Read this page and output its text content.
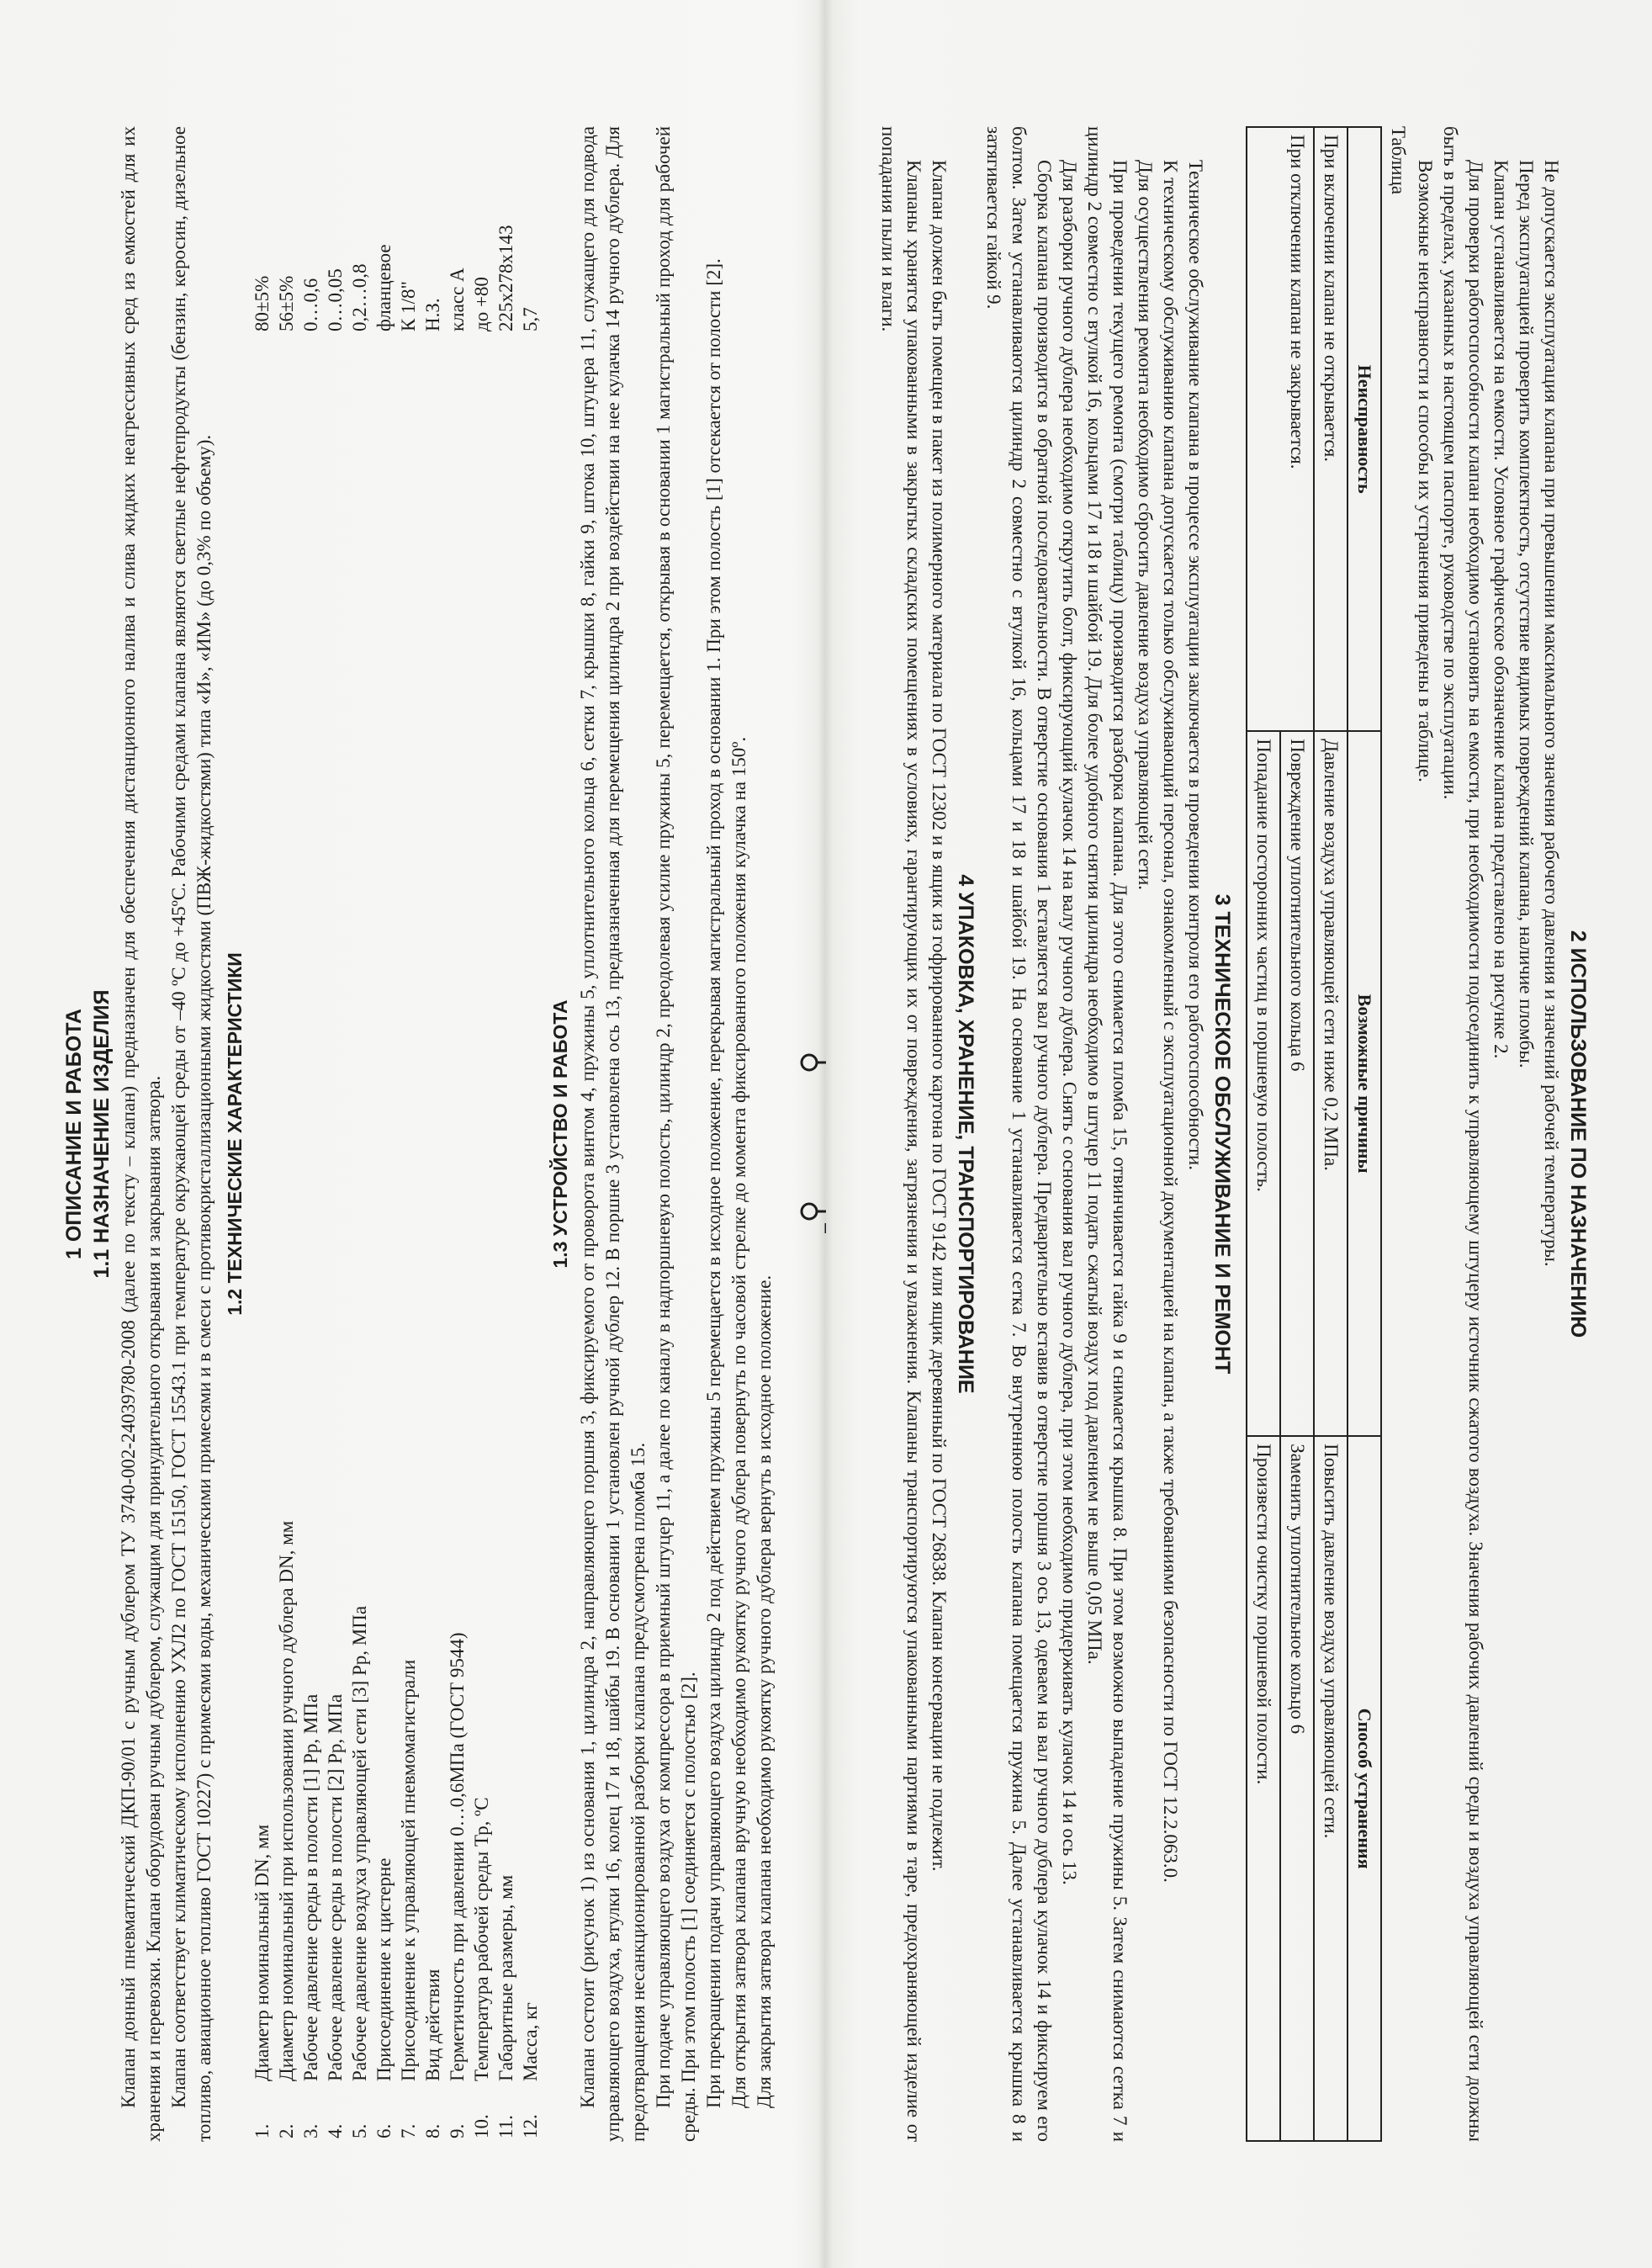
1 ОПИСАНИЕ И РАБОТА 1.1 НАЗНАЧЕНИЕ ИЗДЕЛИЯ Клапан донный пневматический ДКП-90/01 с ручным дублером ТУ 3740-002-24039780-2008 (далее по тексту – клапан) предназначен для обеспечения дистанционного налива и слива жидких неагрессивных сред из емкостей для их хранения и перевозки. Клапан оборудован ручным дублером, служащим для принудительного открывания и закрывания затвора. Клапан соответствует климатическому исполнению УХЛ2 по ГОСТ 15150, ГОСТ 15543.1 при температуре окружающей среды от –40 ºС до +45ºС. Рабочими средами клапана являются светлые нефтепродукты (бензин, керосин, дизельное топливо, авиационное топливо ГОСТ 10227) с примесями воды, механическими примесями и в смеси с противокристаллизационными жидкостями (ПВЖ-жидкостями) типа «И», «ИМ» (до 0,3% по объему). 1.2 ТЕХНИЧЕСКИЕ ХАРАКТЕРИСТИКИ
1.	Диаметр номинальный DN, мм	80±5%
2.	Диаметр номинальный при использовании ручного дублера DN, мм	56±5%
3.	Рабочее давление среды в полости [1] Рр, МПа	0…0,6
4.	Рабочее давление среды в полости [2] Рр, МПа	0…0,05
5.	Рабочее давление воздуха управляющей сети [3] Рр, МПа	0,2…0,8
6.	Присоединение к цистерне	фланцевое
7.	Присоединение к управляющей пневмомагистрали	К 1/8"
8.	Вид действия	Н.З.
9.	Герметичность при давлении 0…0,6МПа (ГОСТ 9544)	класс А
10.	Температура рабочей среды Тр, ºС	до +80
11.	Габаритные размеры, мм	225х278х143
12.	Масса, кг	5,7
1.3 УСТРОЙСТВО И РАБОТА Клапан состоит (рисунок 1) из основания 1, цилиндра 2, направляющего поршня 3, фиксируемого от проворота винтом 4, пружины 5, уплотнительного кольца 6, сетки 7, крышки 8, гайки 9, штока 10, штуцера 11, служащего для подвода управляющего воздуха, втулки 16, колец 17 и 18, шайбы 19. В основании 1 установлен ручной дублер 12. В поршне 3 установлена ось 13, предназначенная для перемещения цилиндра 2 при воздействии на нее кулачка 14 ручного дублера. Для предотвращения несанкционированной разборки клапана предусмотрена пломба 15. При подаче управляющего воздуха от компрессора в приемный штуцер 11, а далее по каналу в надпоршневую полость, цилиндр 2, преодолевая усилие пружины 5, перемещается, открывая в основании 1 магистральный проход для рабочей среды. При этом полость [1] соединяется с полостью [2]. При прекращении подачи управляющего воздуха цилиндр 2 под действием пружины 5 перемещается в исходное положение, перекрывая магистральный проход в основании 1. При этом полость [1] отсекается от полости [2]. Для открытия затвора клапана вручную необходимо рукоятку ручного дублера повернуть по часовой стрелке до момента фиксированного положения кулачка на 150º. Для закрытия затвора клапана необходимо рукоятку ручного дублера вернуть в исходное положение.

2 ИСПОЛЬЗОВАНИЕ ПО НАЗНАЧЕНИЮ

Не допускается эксплуатация клапана при превышении максимального значения рабочего давления и значений рабочей температуры.

Перед эксплуатацией проверить комплектность, отсутствие видимых повреждений клапана, наличие пломбы.

Клапан устанавливается на емкости. Условное графическое обозначение клапана представлено на рисунке 2.

Для проверки работоспособности клапан необходимо установить на емкости, при необходимости подсоединить к управляющему штуцеру источник сжатого воздуха. Значения рабочих давлений среды и воздуха управляющей сети должны быть в пределах, указанных в настоящем паспорте, руководстве по эксплуатации.

Возможные неисправности и способы их устранения приведены в таблице.

Таблица
Неисправность	Возможные причины	Способ устранения
При включении клапан не открывается.	Давление воздуха управляющей сети ниже 0,2 МПа.	Повысить давление воздуха управляющей сети.
При отключении клапан не закрывается.	Повреждение уплотнительного кольца 6	Заменить уплотнительное кольцо 6
	Попадание посторонних частиц в поршневую полость.	Произвести очистку поршневой полости.
3 ТЕХНИЧЕСКОЕ ОБСЛУЖИВАНИЕ И РЕМОНТ

Техническое обслуживание клапана в процессе эксплуатации заключается в проведении контроля его работоспособности.

К техническому обслуживанию клапана допускается только обслуживающий персонал, ознакомленный с эксплуатационной документацией на клапан, а также требованиями безопасности по ГОСТ 12.2.063.0.

Для осуществления ремонта необходимо сбросить давление воздуха управляющей сети.

При проведении текущего ремонта (смотри таблицу) производится разборка клапана. Для этого снимается пломба 15, отвинчивается гайка 9 и снимается крышка 8. При этом возможно выпадение пружины 5. Затем снимаются сетка 7 и цилиндр 2 совместно с втулкой 16, кольцами 17 и 18 и шайбой 19. Для более удобного снятия цилиндра необходимо в штуцер 11 подать сжатый воздух под давлением не выше 0,05 МПа.

Для разборки ручного дублера необходимо открутить болт, фиксирующий кулачок 14 на валу ручного дублера. Снять с основания вал ручного дублера, при этом необходимо придерживать кулачок 14 и ось 13.

Сборка клапана производится в обратной последовательности. В отверстие основания 1 вставляется вал ручного дублера. Предварительно вставив в отверстие поршня 3 ось 13, одеваем на вал ручного дублера кулачок 14 и фиксируем его болтом. Затем устанавливаются цилиндр 2 совместно с втулкой 16, кольцами 17 и 18 и шайбой 19. На основание 1 устанавливается сетка 7. Во внутреннюю полость клапана помещается пружина 5. Далее устанавливается крышка 8 и затягивается гайкой 9.

4 УПАКОВКА, ХРАНЕНИЕ, ТРАНСПОРТИРОВАНИЕ

Клапан должен быть помещен в пакет из полимерного материала по ГОСТ 12302 и в ящик из гофрированного картона по ГОСТ 9142 или ящик деревянный по ГОСТ 26838. Клапан консервации не подлежит.

Клапаны хранятся упакованными в закрытых складских помещениях в условиях, гарантирующих их от повреждения, загрязнения и увлажнения. Клапаны транспортируются упакованными партиями в таре, предохраняющей изделие от попадания пыли и влаги.
